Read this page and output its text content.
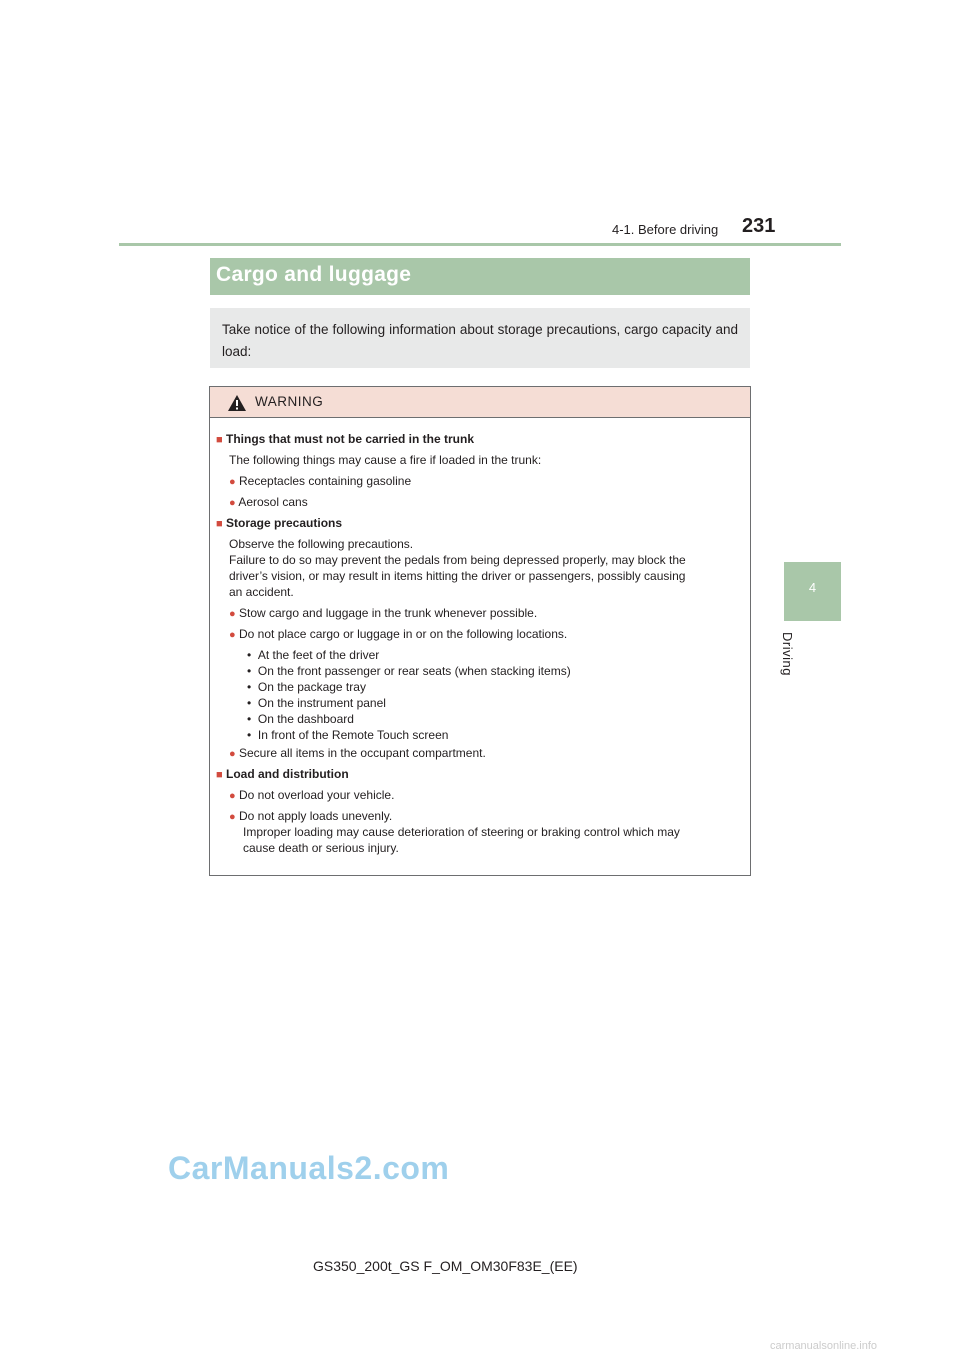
4-1. Before driving 231
4
Driving
Cargo and luggage
Take notice of the following information about storage precautions, cargo capacity and load:
WARNING
■ Things that must not be carried in the trunk
The following things may cause a fire if loaded in the trunk:
● Receptacles containing gasoline
● Aerosol cans
■ Storage precautions
Observe the following precautions.
Failure to do so may prevent the pedals from being depressed properly, may block the
driver’s vision, or may result in items hitting the driver or passengers, possibly causing
an accident.
● Stow cargo and luggage in the trunk whenever possible.
● Do not place cargo or luggage in or on the following locations.
•  At the feet of the driver
•  On the front passenger or rear seats (when stacking items)
•  On the package tray
•  On the instrument panel
•  On the dashboard
•  In front of the Remote Touch screen
● Secure all items in the occupant compartment.
■ Load and distribution
● Do not overload your vehicle.
● Do not apply loads unevenly.
Improper loading may cause deterioration of steering or braking control which may
cause death or serious injury.
CarManuals2.com
GS350_200t_GS F_OM_OM30F83E_(EE)
carmanualsonline.info
